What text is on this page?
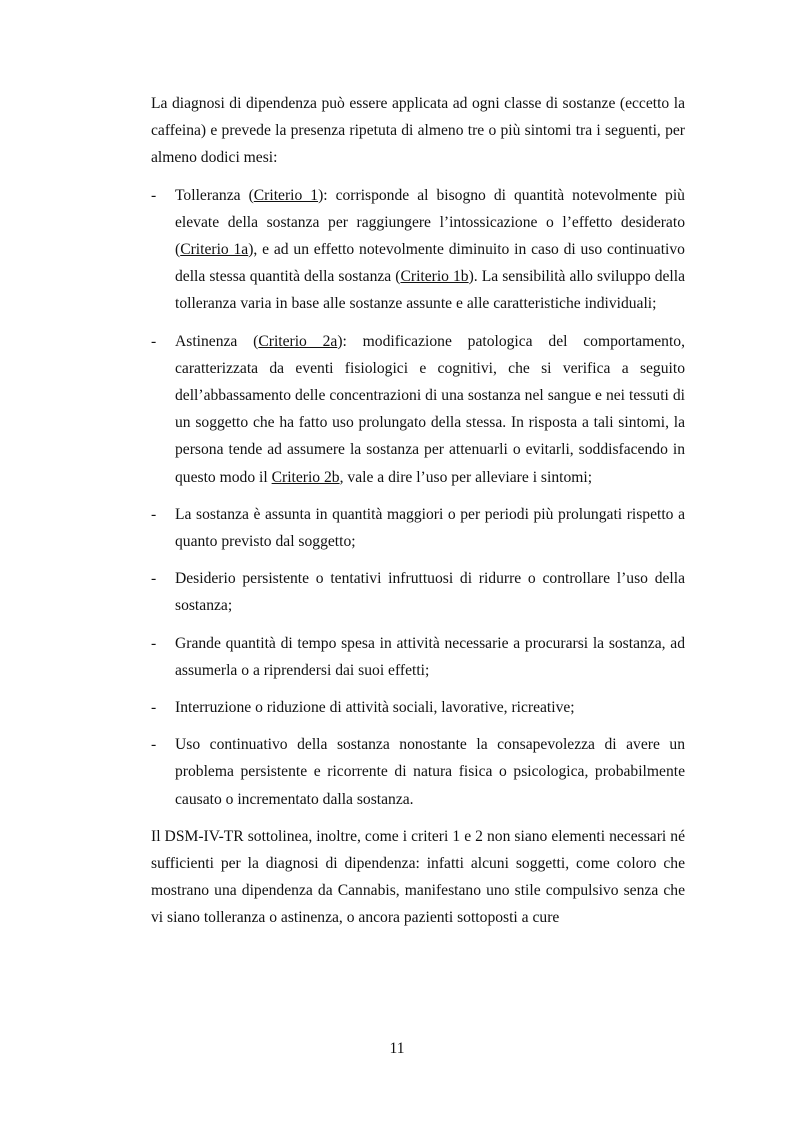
La diagnosi di dipendenza può essere applicata ad ogni classe di sostanze (eccetto la caffeina) e prevede la presenza ripetuta di almeno tre o più sintomi tra i seguenti, per almeno dodici mesi:

- Tolleranza (Criterio 1): corrisponde al bisogno di quantità notevolmente più elevate della sostanza per raggiungere l’intossicazione o l’effetto desiderato (Criterio 1a), e ad un effetto notevolmente diminuito in caso di uso continuativo della stessa quantità della sostanza (Criterio 1b). La sensibilità allo sviluppo della tolleranza varia in base alle sostanze assunte e alle caratteristiche individuali;

- Astinenza (Criterio 2a): modificazione patologica del comportamento, caratterizzata da eventi fisiologici e cognitivi, che si verifica a seguito dell’abbassamento delle concentrazioni di una sostanza nel sangue e nei tessuti di un soggetto che ha fatto uso prolungato della stessa. In risposta a tali sintomi, la persona tende ad assumere la sostanza per attenuarli o evitarli, soddisfacendo in questo modo il Criterio 2b, vale a dire l’uso per alleviare i sintomi;

- La sostanza è assunta in quantità maggiori o per periodi più prolungati rispetto a quanto previsto dal soggetto;

- Desiderio persistente o tentativi infruttuosi di ridurre o controllare l’uso della sostanza;

- Grande quantità di tempo spesa in attività necessarie a procurarsi la sostanza, ad assumerla o a riprendersi dai suoi effetti;

- Interruzione o riduzione di attività sociali, lavorative, ricreative;

- Uso continuativo della sostanza nonostante la consapevolezza di avere un problema persistente e ricorrente di natura fisica o psicologica, probabilmente causato o incrementato dalla sostanza.

Il DSM-IV-TR sottolinea, inoltre, come i criteri 1 e 2 non siano elementi necessari né sufficienti per la diagnosi di dipendenza: infatti alcuni soggetti, come coloro che mostrano una dipendenza da Cannabis, manifestano uno stile compulsivo senza che vi siano tolleranza o astinenza, o ancora pazienti sottoposti a cure

11
